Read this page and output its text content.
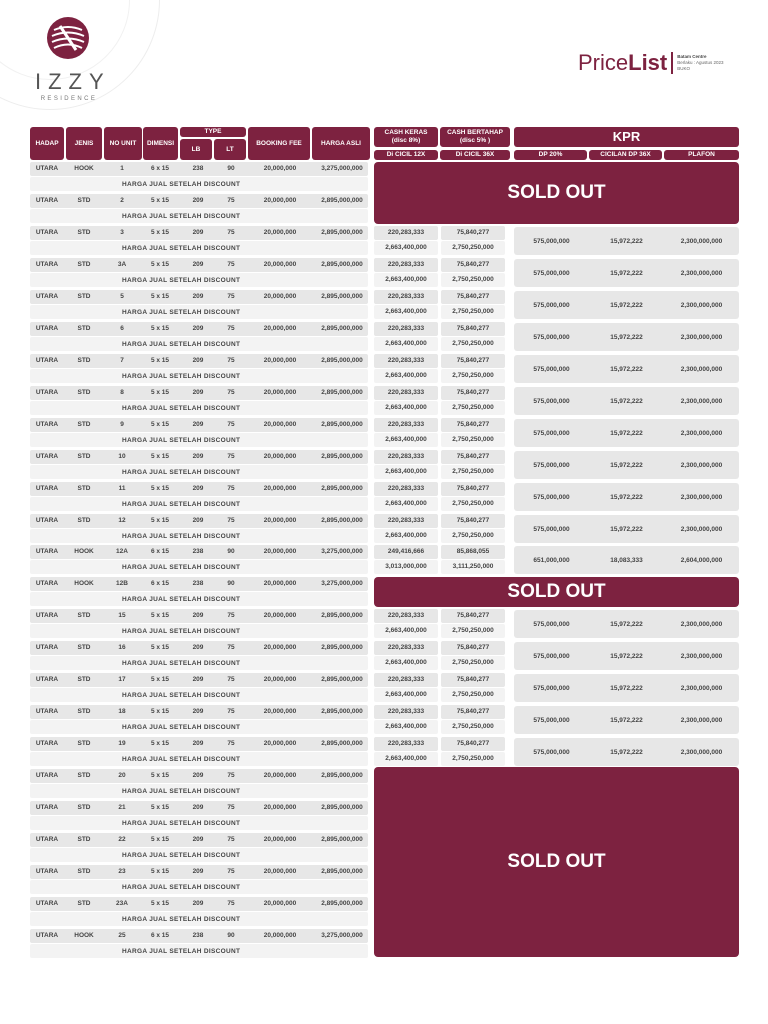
IZZY
RESIDENCE
Price List Batam Centre
Berlaku : Agustus 2023
BUKO
HADAP	JENIS	NO UNIT	DIMENSI
TYPE
LB	LT
BOOKING FEE	HARGA ASLI
CASH KERAS
(disc 8%)
CASH BERTAHAP
(disc 5% )
Di CICIL 12X	Di CICIL 36X
KPR
DP 20%	CICILAN DP 36X	PLAFON
UTARA	HOOK	1	6 x 15	238	90	20,000,000	3,275,000,000
HARGA JUAL SETELAH DISCOUNT
UTARA	STD	2	5 x 15	209	75	20,000,000	2,895,000,000
HARGA JUAL SETELAH DISCOUNT
UTARA	STD	3	5 x 15	209	75	20,000,000	2,895,000,000
HARGA JUAL SETELAH DISCOUNT
220,283,333	75,840,277
2,663,400,000	2,750,250,000
575,000,000	15,972,222	2,300,000,000
UTARA	STD	3A	5 x 15	209	75	20,000,000	2,895,000,000
HARGA JUAL SETELAH DISCOUNT
220,283,333	75,840,277
2,663,400,000	2,750,250,000
575,000,000	15,972,222	2,300,000,000
UTARA	STD	5	5 x 15	209	75	20,000,000	2,895,000,000
HARGA JUAL SETELAH DISCOUNT
220,283,333	75,840,277
2,663,400,000	2,750,250,000
575,000,000	15,972,222	2,300,000,000
UTARA	STD	6	5 x 15	209	75	20,000,000	2,895,000,000
HARGA JUAL SETELAH DISCOUNT
220,283,333	75,840,277
2,663,400,000	2,750,250,000
575,000,000	15,972,222	2,300,000,000
UTARA	STD	7	5 x 15	209	75	20,000,000	2,895,000,000
HARGA JUAL SETELAH DISCOUNT
220,283,333	75,840,277
2,663,400,000	2,750,250,000
575,000,000	15,972,222	2,300,000,000
UTARA	STD	8	5 x 15	209	75	20,000,000	2,895,000,000
HARGA JUAL SETELAH DISCOUNT
220,283,333	75,840,277
2,663,400,000	2,750,250,000
575,000,000	15,972,222	2,300,000,000
UTARA	STD	9	5 x 15	209	75	20,000,000	2,895,000,000
HARGA JUAL SETELAH DISCOUNT
220,283,333	75,840,277
2,663,400,000	2,750,250,000
575,000,000	15,972,222	2,300,000,000
UTARA	STD	10	5 x 15	209	75	20,000,000	2,895,000,000
HARGA JUAL SETELAH DISCOUNT
220,283,333	75,840,277
2,663,400,000	2,750,250,000
575,000,000	15,972,222	2,300,000,000
UTARA	STD	11	5 x 15	209	75	20,000,000	2,895,000,000
HARGA JUAL SETELAH DISCOUNT
220,283,333	75,840,277
2,663,400,000	2,750,250,000
575,000,000	15,972,222	2,300,000,000
UTARA	STD	12	5 x 15	209	75	20,000,000	2,895,000,000
HARGA JUAL SETELAH DISCOUNT
220,283,333	75,840,277
2,663,400,000	2,750,250,000
575,000,000	15,972,222	2,300,000,000
UTARA	HOOK	12A	6 x 15	238	90	20,000,000	3,275,000,000
HARGA JUAL SETELAH DISCOUNT
249,416,666	85,868,055
3,013,000,000	3,111,250,000
651,000,000	18,083,333	2,604,000,000
UTARA	HOOK	12B	6 x 15	238	90	20,000,000	3,275,000,000
HARGA JUAL SETELAH DISCOUNT
UTARA	STD	15	5 x 15	209	75	20,000,000	2,895,000,000
HARGA JUAL SETELAH DISCOUNT
220,283,333	75,840,277
2,663,400,000	2,750,250,000
575,000,000	15,972,222	2,300,000,000
UTARA	STD	16	5 x 15	209	75	20,000,000	2,895,000,000
HARGA JUAL SETELAH DISCOUNT
220,283,333	75,840,277
2,663,400,000	2,750,250,000
575,000,000	15,972,222	2,300,000,000
UTARA	STD	17	5 x 15	209	75	20,000,000	2,895,000,000
HARGA JUAL SETELAH DISCOUNT
220,283,333	75,840,277
2,663,400,000	2,750,250,000
575,000,000	15,972,222	2,300,000,000
UTARA	STD	18	5 x 15	209	75	20,000,000	2,895,000,000
HARGA JUAL SETELAH DISCOUNT
220,283,333	75,840,277
2,663,400,000	2,750,250,000
575,000,000	15,972,222	2,300,000,000
UTARA	STD	19	5 x 15	209	75	20,000,000	2,895,000,000
HARGA JUAL SETELAH DISCOUNT
220,283,333	75,840,277
2,663,400,000	2,750,250,000
575,000,000	15,972,222	2,300,000,000
UTARA	STD	20	5 x 15	209	75	20,000,000	2,895,000,000
HARGA JUAL SETELAH DISCOUNT
UTARA	STD	21	5 x 15	209	75	20,000,000	2,895,000,000
HARGA JUAL SETELAH DISCOUNT
UTARA	STD	22	5 x 15	209	75	20,000,000	2,895,000,000
HARGA JUAL SETELAH DISCOUNT
UTARA	STD	23	5 x 15	209	75	20,000,000	2,895,000,000
HARGA JUAL SETELAH DISCOUNT
UTARA	STD	23A	5 x 15	209	75	20,000,000	2,895,000,000
HARGA JUAL SETELAH DISCOUNT
UTARA	HOOK	25	6 x 15	238	90	20,000,000	3,275,000,000
HARGA JUAL SETELAH DISCOUNT
SOLD OUT
SOLD OUT
SOLD OUT
